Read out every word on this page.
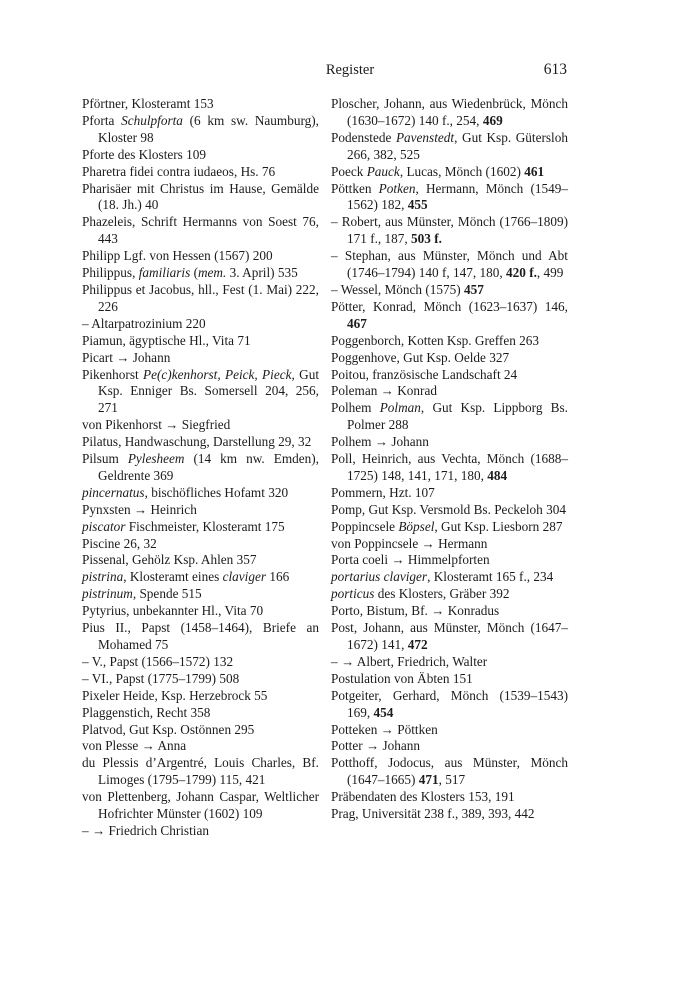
Register	613
Pförtner, Klosteramt 153
Pforta Schulpforta (6 km sw. Naumburg), Kloster 98
Pforte des Klosters 109
Pharetra fidei contra iudaeos, Hs. 76
Pharisäer mit Christus im Hause, Gemälde (18. Jh.) 40
Phazeleis, Schrift Hermanns von Soest 76, 443
Philipp Lgf. von Hessen (1567) 200
Philippus, familiaris (mem. 3. April) 535
Philippus et Jacobus, hll., Fest (1. Mai) 222, 226
– Altarpatrozinium 220
Piamun, ägyptische Hl., Vita 71
Picart → Johann
Pikenhorst Pe(c)kenhorst, Peick, Pieck, Gut Ksp. Enniger Bs. Somersell 204, 256, 271
von Pikenhorst → Siegfried
Pilatus, Handwaschung, Darstellung 29, 32
Pilsum Pylesheem (14 km nw. Emden), Geldrente 369
pincernatus, bischöfliches Hofamt 320
Pynxsten → Heinrich
piscator Fischmeister, Klosteramt 175
Piscine 26, 32
Pissenal, Gehölz Ksp. Ahlen 357
pistrina, Klosteramt eines claviger 166
pistrinum, Spende 515
Pytyrius, unbekannter Hl., Vita 70
Pius II., Papst (1458–1464), Briefe an Mohamed 75
– V., Papst (1566–1572) 132
– VI., Papst (1775–1799) 508
Pixeler Heide, Ksp. Herzebrock 55
Plaggenstich, Recht 358
Platvod, Gut Ksp. Ostönnen 295
von Plesse → Anna
du Plessis d’Argentré, Louis Charles, Bf. Limoges (1795–1799) 115, 421
von Plettenberg, Johann Caspar, Weltlicher Hofrichter Münster (1602) 109
– → Friedrich Christian
Ploscher, Johann, aus Wiedenbrück, Mönch (1630–1672) 140 f., 254, 469
Podenstede Pavenstedt, Gut Ksp. Gütersloh 266, 382, 525
Poeck Pauck, Lucas, Mönch (1602) 461
Pöttken Potken, Hermann, Mönch (1549–1562) 182, 455
– Robert, aus Münster, Mönch (1766–1809) 171 f., 187, 503 f.
– Stephan, aus Münster, Mönch und Abt (1746–1794) 140 f, 147, 180, 420 f., 499
– Wessel, Mönch (1575) 457
Pötter, Konrad, Mönch (1623–1637) 146, 467
Poggenborch, Kotten Ksp. Greffen 263
Poggenhove, Gut Ksp. Oelde 327
Poitou, französische Landschaft 24
Poleman → Konrad
Polhem Polman, Gut Ksp. Lippborg Bs. Polmer 288
Polhem → Johann
Poll, Heinrich, aus Vechta, Mönch (1688–1725) 148, 141, 171, 180, 484
Pommern, Hzt. 107
Pomp, Gut Ksp. Versmold Bs. Peckeloh 304
Poppincsele Böpsel, Gut Ksp. Liesborn 287
von Poppincsele → Hermann
Porta coeli → Himmelpforten
portarius claviger, Klosteramt 165 f., 234
porticus des Klosters, Gräber 392
Porto, Bistum, Bf. → Konradus
Post, Johann, aus Münster, Mönch (1647–1672) 141, 472
– → Albert, Friedrich, Walter
Postulation von Äbten 151
Potgeiter, Gerhard, Mönch (1539–1543) 169, 454
Potteken → Pöttken
Potter → Johann
Potthoff, Jodocus, aus Münster, Mönch (1647–1665) 471, 517
Präbendaten des Klosters 153, 191
Prag, Universität 238 f., 389, 393, 442
